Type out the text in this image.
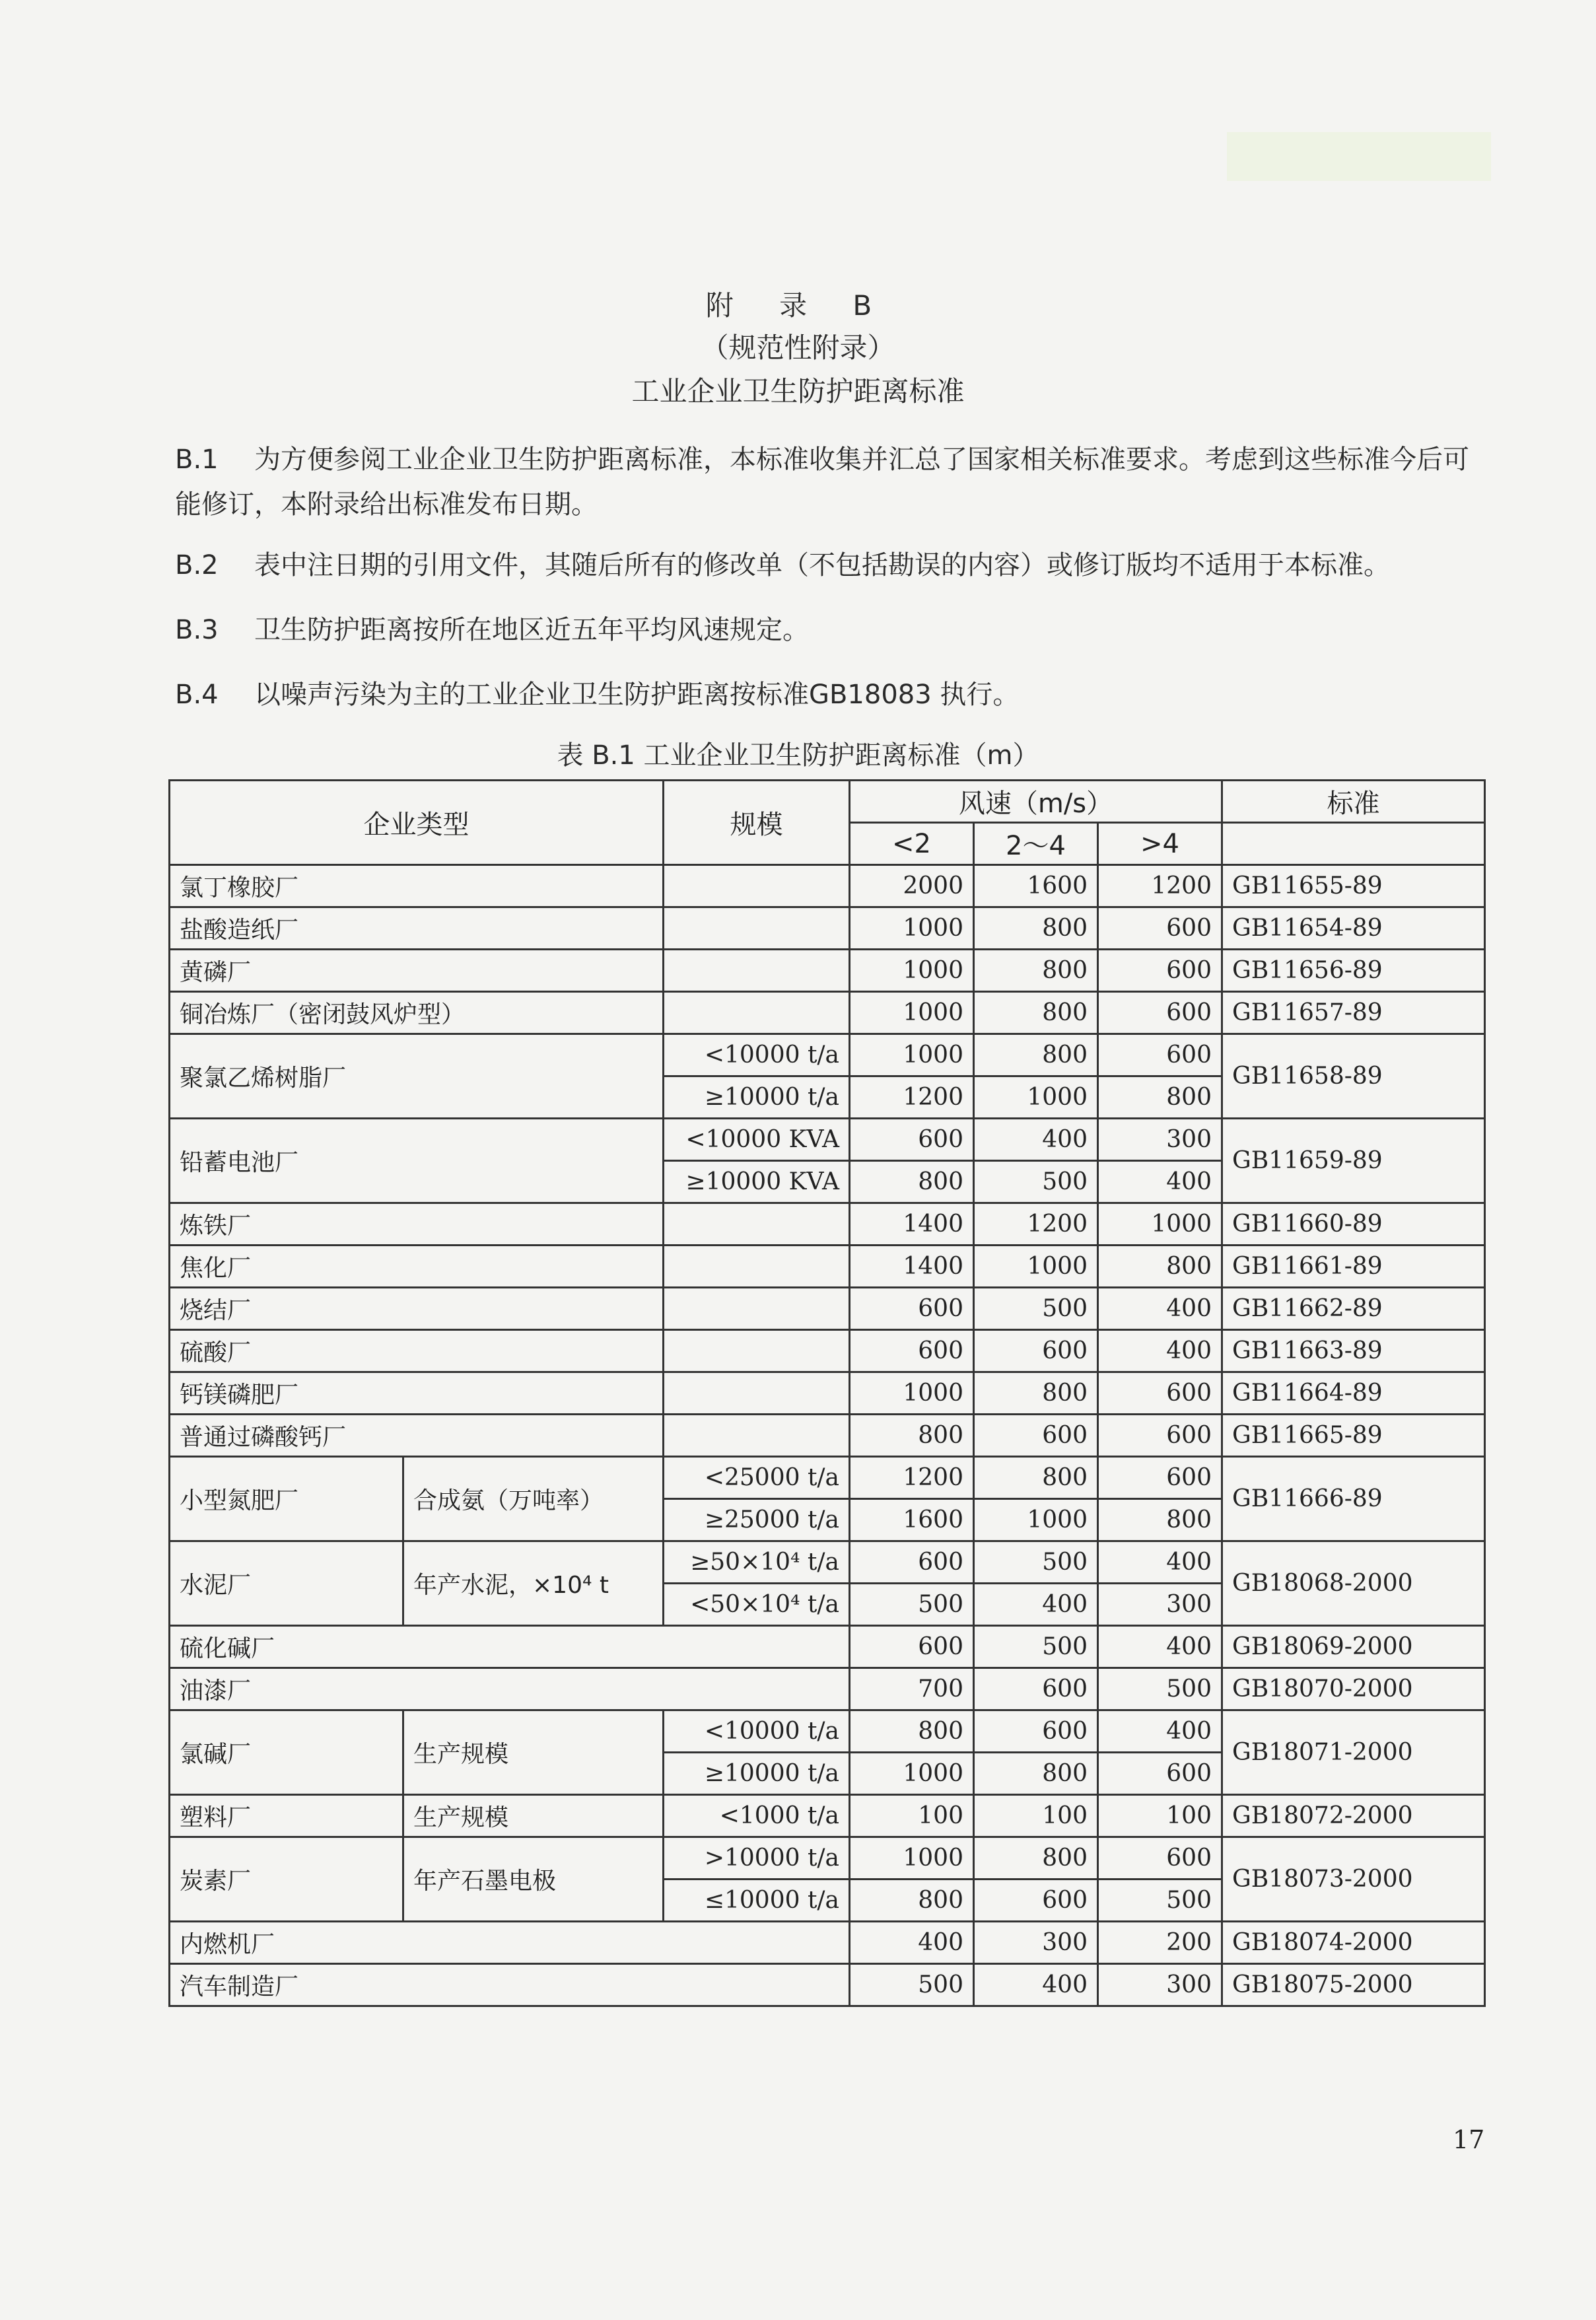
附 录 B
（规范性附录）
工业企业卫生防护距离标准
B.1 为方便参阅工业企业卫生防护距离标准，本标准收集并汇总了国家相关标准要求。考虑到这些标准今后可能修订，本附录给出标准发布日期。
B.2 表中注日期的引用文件，其随后所有的修改单（不包括勘误的内容）或修订版均不适用于本标准。
B.3 卫生防护距离按所在地区近五年平均风速规定。
B.4 以噪声污染为主的工业企业卫生防护距离按标准GB18083 执行。
表 B.1 工业企业卫生防护距离标准（m）
企业类型		规模	风速（m/s）			标准
			<2	2～4	>4	
氯丁橡胶厂			2000	1600	1200	GB11655-89
盐酸造纸厂			1000	800	600	GB11654-89
黄磷厂			1000	800	600	GB11656-89
铜冶炼厂（密闭鼓风炉型）			1000	800	600	GB11657-89
聚氯乙烯树脂厂		<10000 t/a	1000	800	600	GB11658-89
		≥10000 t/a	1200	1000	800	
铅蓄电池厂		<10000 KVA	600	400	300	GB11659-89
		≥10000 KVA	800	500	400	
炼铁厂			1400	1200	1000	GB11660-89
焦化厂			1400	1000	800	GB11661-89
烧结厂			600	500	400	GB11662-89
硫酸厂			600	600	400	GB11663-89
钙镁磷肥厂			1000	800	600	GB11664-89
普通过磷酸钙厂			800	600	600	GB11665-89
小型氮肥厂	合成氨（万吨率）	<25000 t/a	1200	800	600	GB11666-89
		≥25000 t/a	1600	1000	800	
水泥厂	年产水泥，×10⁴ t	≥50×10⁴ t/a	600	500	400	GB18068-2000
		<50×10⁴ t/a	500	400	300	
硫化碱厂			600	500	400	GB18069-2000
油漆厂			700	600	500	GB18070-2000
氯碱厂	生产规模	<10000 t/a	800	600	400	GB18071-2000
		≥10000 t/a	1000	800	600	
塑料厂	生产规模	<1000 t/a	100	100	100	GB18072-2000
炭素厂	年产石墨电极	>10000 t/a	1000	800	600	GB18073-2000
		≤10000 t/a	800	600	500	
内燃机厂			400	300	200	GB18074-2000
汽车制造厂			500	400	300	GB18075-2000
17
